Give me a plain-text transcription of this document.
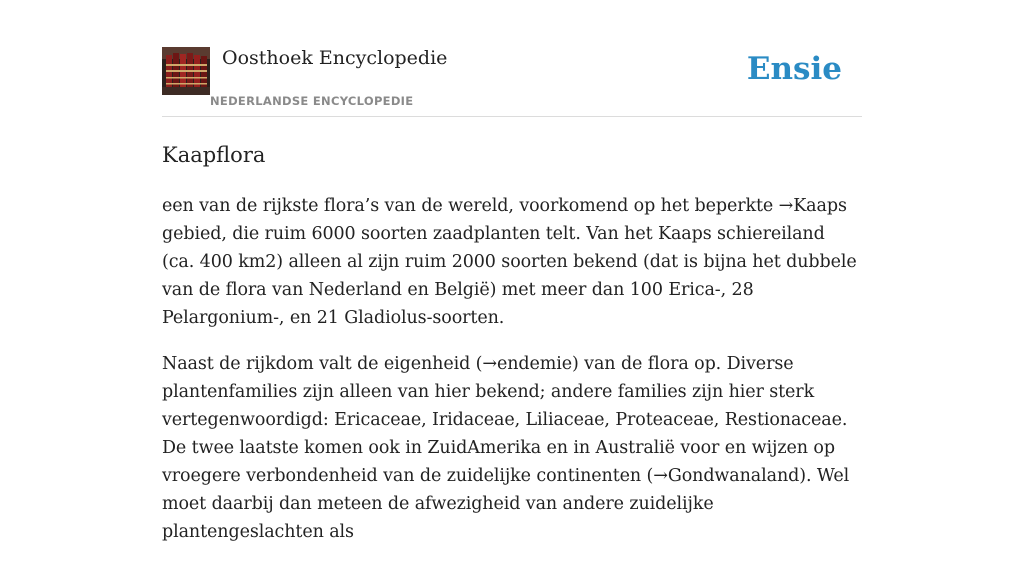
Oosthoek Encyclopedie
NEDERLANDSE ENCYCLOPEDIE
Ensie
Kaapflora

een van de rijkste flora’s van de wereld, voorkomend op het beperkte →Kaaps gebied, die ruim 6000 soorten zaadplanten telt. Van het Kaaps schiereiland (ca. 400 km2) alleen al zijn ruim 2000 soorten bekend (dat is bijna het dubbele van de flora van Nederland en België) met meer dan 100 Erica-, 28 Pelargonium-, en 21 Gladiolus-soorten.

Naast de rijkdom valt de eigenheid (→endemie) van de flora op. Diverse plantenfamilies zijn alleen van hier bekend; andere families zijn hier sterk vertegenwoordigd: Ericaceae, Iridaceae, Liliaceae, Proteaceae, Restionaceae. De twee laatste komen ook in ZuidAmerika en in Australië voor en wijzen op vroegere verbondenheid van de zuidelijke continenten (→Gondwanaland). Wel moet daarbij dan meteen de afwezigheid van andere zuidelijke plantengeslachten als
